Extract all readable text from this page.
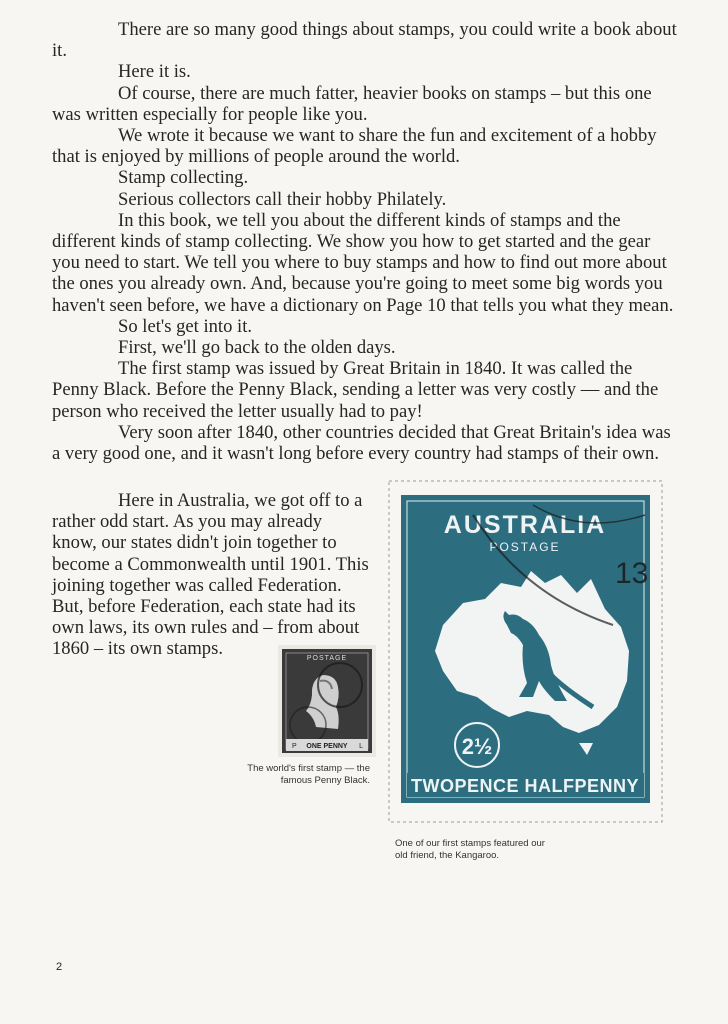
There are so many good things about stamps, you could write a book about it.

Here it is.

Of course, there are much fatter, heavier books on stamps – but this one was written especially for people like you.

We wrote it because we want to share the fun and excitement of a hobby that is enjoyed by millions of people around the world.

Stamp collecting.

Serious collectors call their hobby Philately.

In this book, we tell you about the different kinds of stamps and the different kinds of stamp collecting. We show you how to get started and the gear you need to start. We tell you where to buy stamps and how to find out more about the ones you already own. And, because you're going to meet some big words you haven't seen before, we have a dictionary on Page 10 that tells you what they mean.

So let's get into it.

First, we'll go back to the olden days.

The first stamp was issued by Great Britain in 1840. It was called the Penny Black. Before the Penny Black, sending a letter was very costly — and the person who received the letter usually had to pay!

Very soon after 1840, other countries decided that Great Britain's idea was a very good one, and it wasn't long before every country had stamps of their own.

Here in Australia, we got off to a
rather odd start. As you may already
know, our states didn't join together to
become a Commonwealth until 1901. This
joining together was called Federation.
But, before Federation, each state had its
own laws, its own rules and – from about
1860 – its own stamps.	POSTAGE
P ONE PENNY L
The world's first stamp — the famous Penny Black.
AUSTRALIA
POSTAGE
13
2½
TWOPENCE HALFPENNY
One of our first stamps featured our old friend, the Kangaroo.
2
